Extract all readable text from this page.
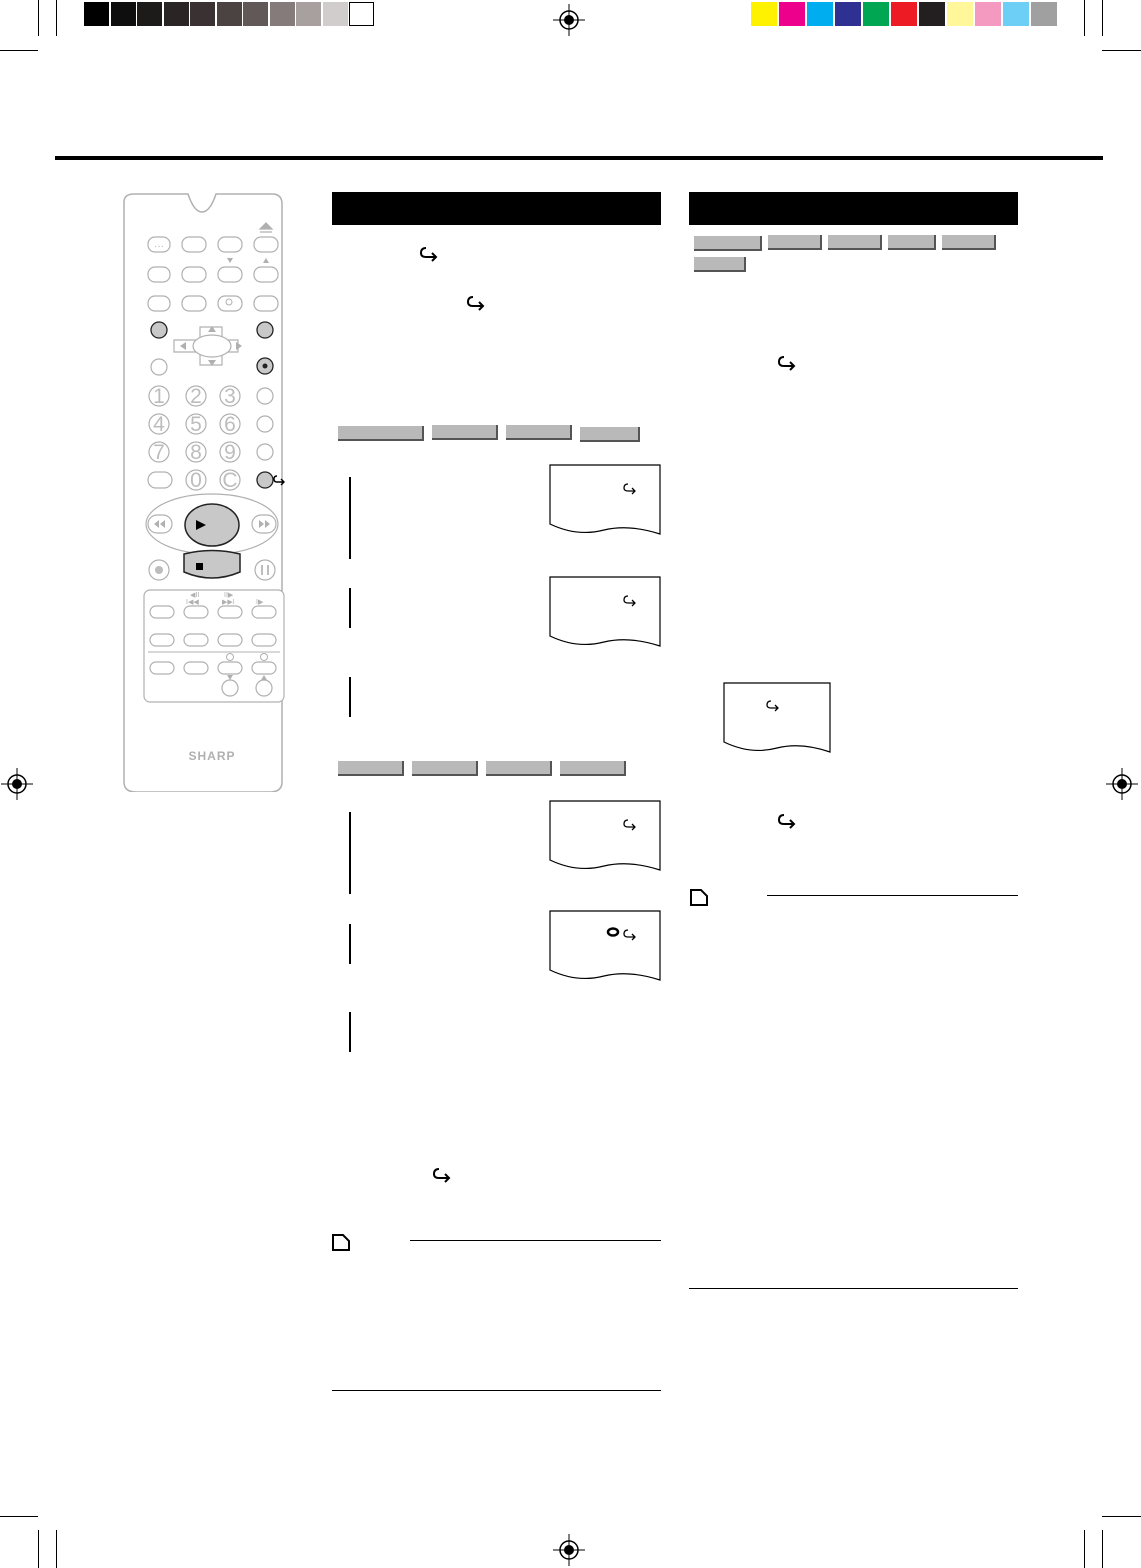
···
1 2 3
4 5 6
7 8 9
0 C
◀II	II▶
I◀◀	▶▶I	I▶
SHARP
